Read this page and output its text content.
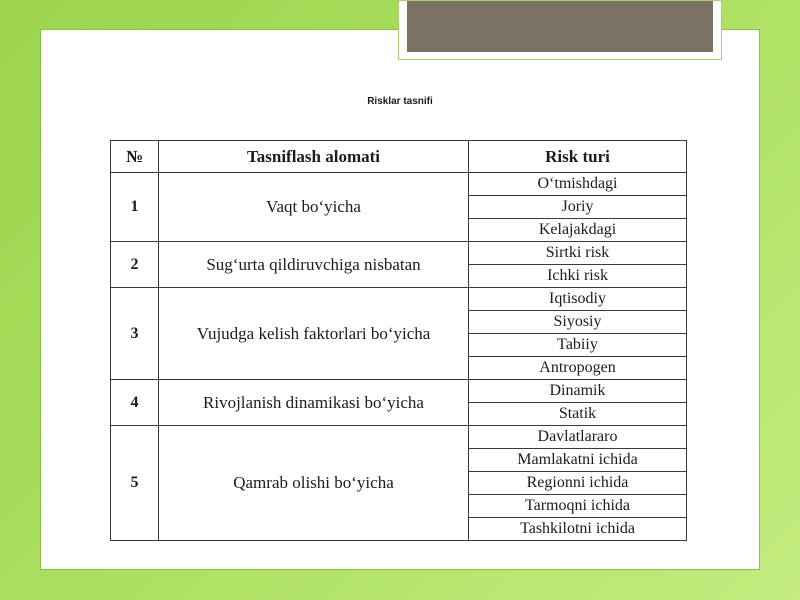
Risklar tasnifi
№	Tasniflash alomati	Risk turi
1	Vaqt bo‘yicha	O‘tmishdagi
		Joriy
		Kelajakdagi
2	Sug‘urta qildiruvchiga nisbatan	Sirtki risk
		Ichki risk
3	Vujudga kelish faktorlari bo‘yicha	Iqtisodiy
		Siyosiy
		Tabiiy
		Antropogen
4	Rivojlanish dinamikasi bo‘yicha	Dinamik
		Statik
5	Qamrab olishi bo‘yicha	Davlatlararo
		Mamlakatni ichida
		Regionni ichida
		Tarmoqni ichida
		Tashkilotni ichida
